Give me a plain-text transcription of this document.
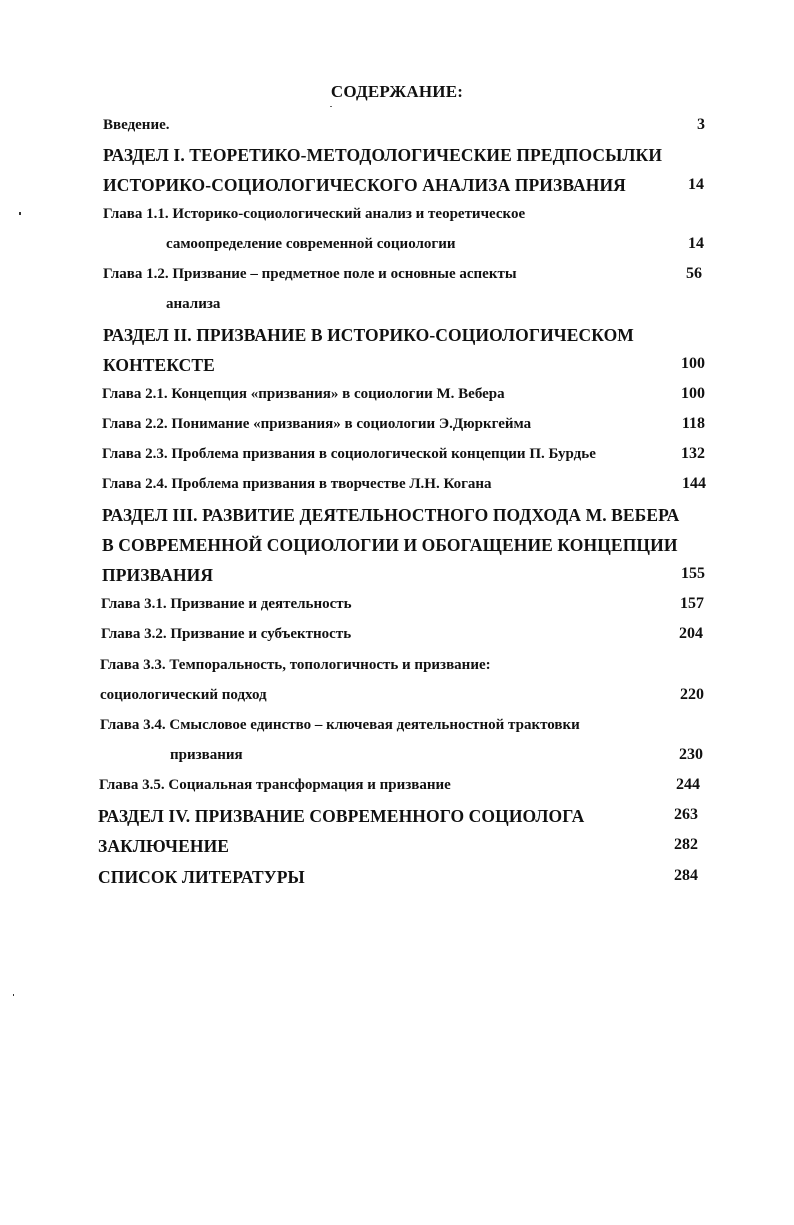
СОДЕРЖАНИЕ:
Введение.	3
РАЗДЕЛ I. ТЕОРЕТИКО-МЕТОДОЛОГИЧЕСКИЕ ПРЕДПОСЫЛКИ
ИСТОРИКО-СОЦИОЛОГИЧЕСКОГО АНАЛИЗА ПРИЗВАНИЯ	14
Глава 1.1. Историко-социологический анализ и теоретическое
самоопределение современной социологии	14
Глава 1.2. Призвание – предметное поле и основные аспекты	56
анализа
РАЗДЕЛ II. ПРИЗВАНИЕ В ИСТОРИКО-СОЦИОЛОГИЧЕСКОМ
КОНТЕКСТЕ	100
Глава 2.1. Концепция «призвания» в социологии М. Вебера	100
Глава 2.2. Понимание «призвания» в социологии Э.Дюркгейма	118
Глава 2.3. Проблема призвания в социологической концепции П. Бурдье	132
Глава 2.4. Проблема призвания в творчестве Л.Н. Когана	144
РАЗДЕЛ III. РАЗВИТИЕ ДЕЯТЕЛЬНОСТНОГО ПОДХОДА М. ВЕБЕРА
В СОВРЕМЕННОЙ СОЦИОЛОГИИ И ОБОГАЩЕНИЕ КОНЦЕПЦИИ
ПРИЗВАНИЯ	155
Глава 3.1. Призвание и деятельность	157
Глава 3.2. Призвание и субъектность	204
Глава 3.3. Темпоральность, топологичность и призвание:
социологический подход	220
Глава 3.4. Смысловое единство – ключевая деятельностной трактовки
призвания	230
Глава 3.5. Социальная трансформация и призвание	244
РАЗДЕЛ IV. ПРИЗВАНИЕ СОВРЕМЕННОГО СОЦИОЛОГА	263
ЗАКЛЮЧЕНИЕ	282
СПИСОК ЛИТЕРАТУРЫ	284
